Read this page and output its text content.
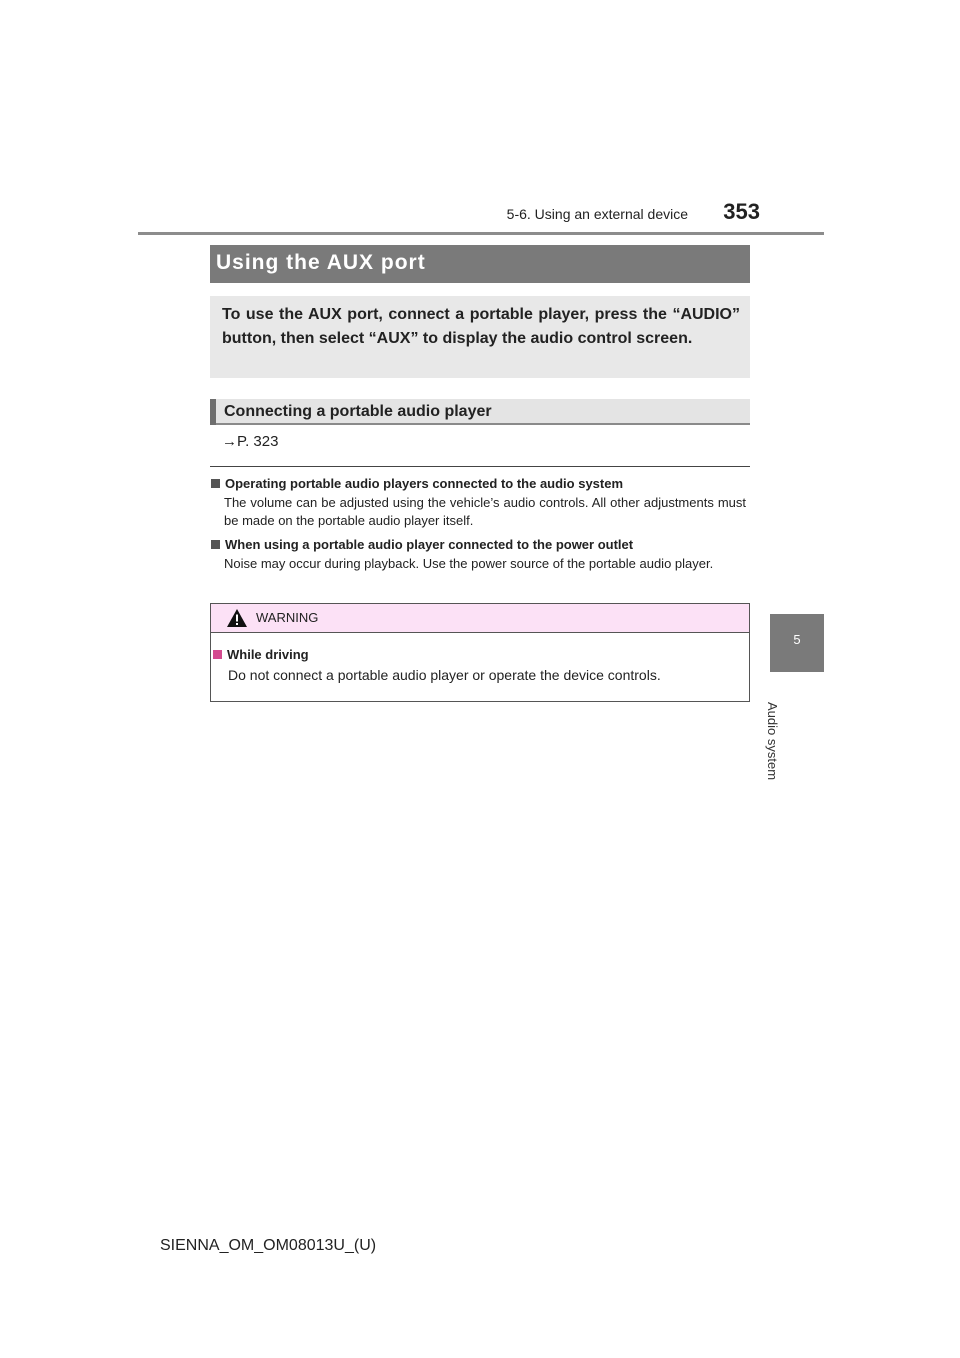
5-6. Using an external device	353
5
Audio system
Using the AUX port
To use the AUX port, connect a portable player, press the “AUDIO” button, then select “AUX” to display the audio control screen.
Connecting a portable audio player
→P. 323
Operating portable audio players connected to the audio system
The volume can be adjusted using the vehicle’s audio controls. All other adjustments must be made on the portable audio player itself.
When using a portable audio player connected to the power outlet
Noise may occur during playback. Use the power source of the portable audio player.
WARNING
While driving
Do not connect a portable audio player or operate the device controls.
SIENNA_OM_OM08013U_(U)
